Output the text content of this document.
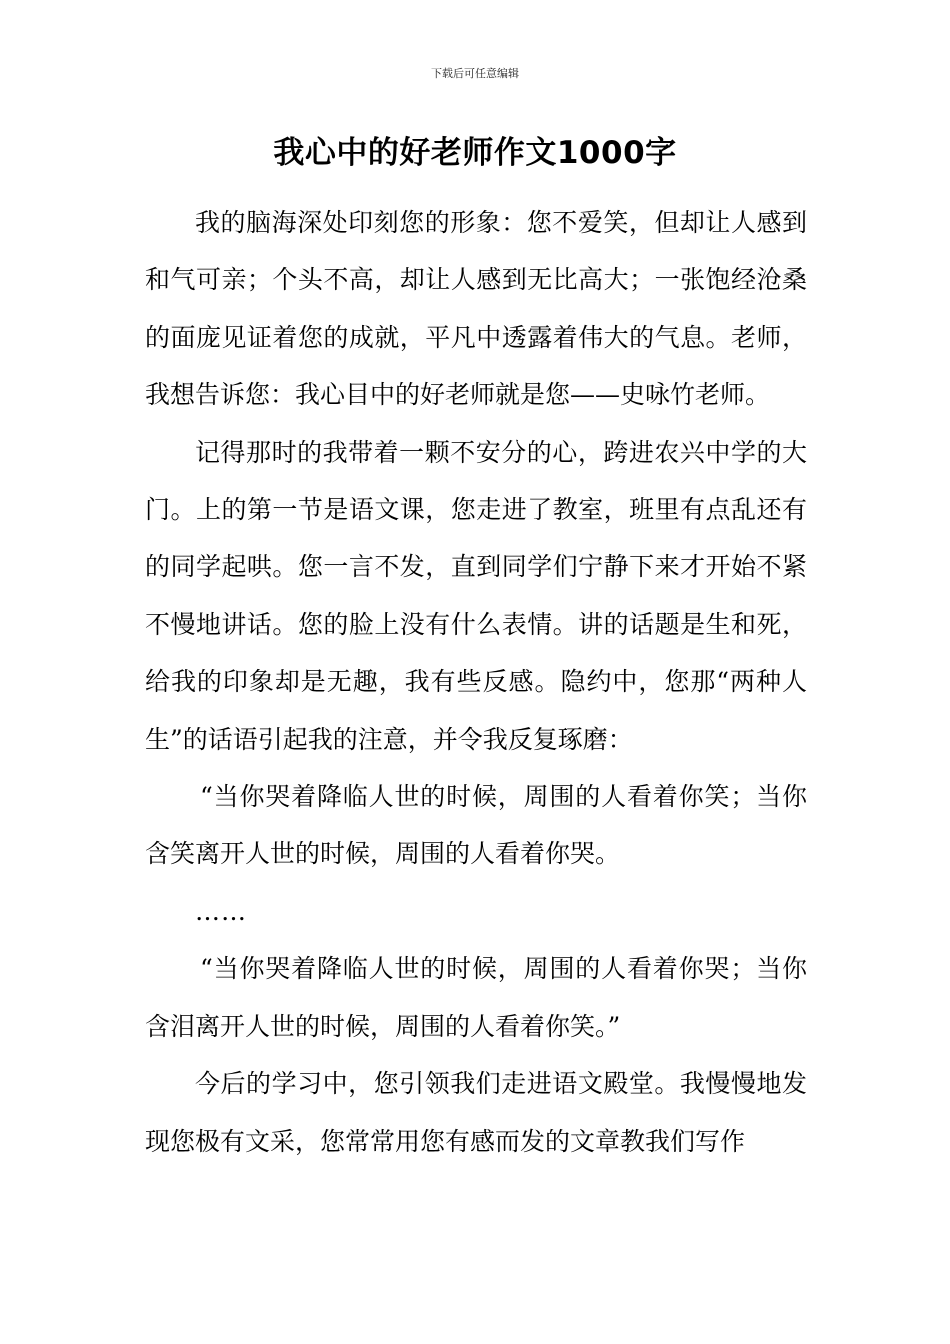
下载后可任意编辑
我心中的好老师作文1000字

我的脑海深处印刻您的形象：您不爱笑，但却让人感到和气可亲；个头不高，却让人感到无比高大；一张饱经沧桑的面庞见证着您的成就，平凡中透露着伟大的气息。老师，我想告诉您：我心目中的好老师就是您——史咏竹老师。

记得那时的我带着一颗不安分的心，跨进农兴中学的大门。上的第一节是语文课，您走进了教室，班里有点乱还有的同学起哄。您一言不发，直到同学们宁静下来才开始不紧不慢地讲话。您的脸上没有什么表情。讲的话题是生和死，给我的印象却是无趣，我有些反感。隐约中，您那“两种人生”的话语引起我的注意，并令我反复琢磨：

“当你哭着降临人世的时候，周围的人看着你笑；当你含笑离开人世的时候，周围的人看着你哭。

……

“当你哭着降临人世的时候，周围的人看着你哭；当你含泪离开人世的时候，周围的人看着你笑。”

今后的学习中，您引领我们走进语文殿堂。我慢慢地发现您极有文采，您常常用您有感而发的文章教我们写作
